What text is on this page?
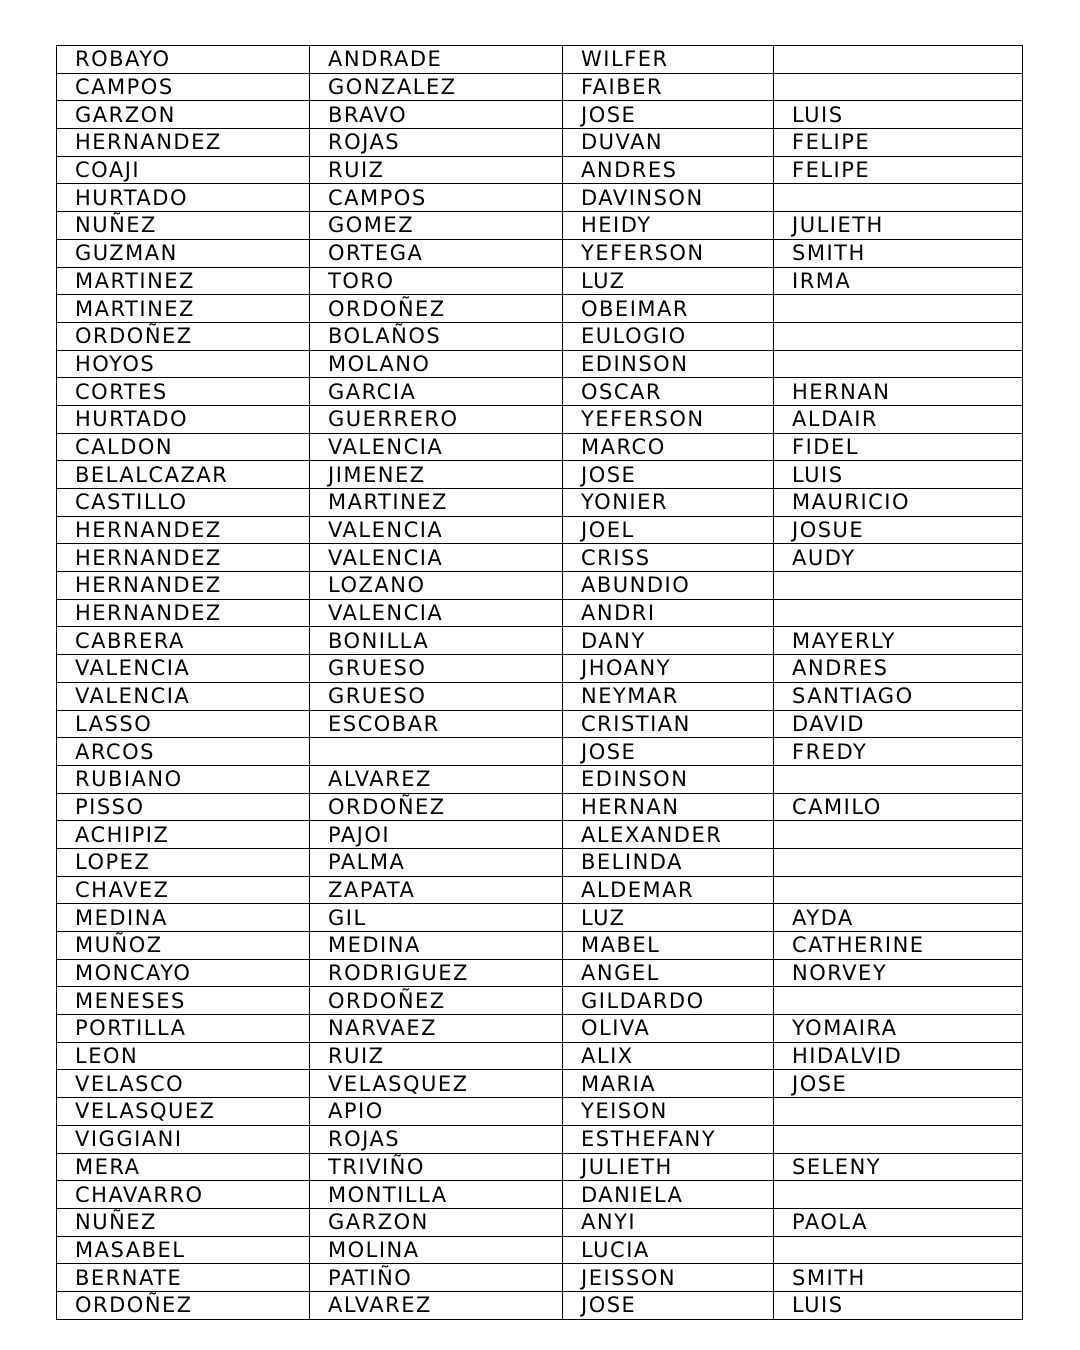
ROBAYO	ANDRADE	WILFER	
CAMPOS	GONZALEZ	FAIBER	
GARZON	BRAVO	JOSE	LUIS
HERNANDEZ	ROJAS	DUVAN	FELIPE
COAJI	RUIZ	ANDRES	FELIPE
HURTADO	CAMPOS	DAVINSON	
NUÑEZ	GOMEZ	HEIDY	JULIETH
GUZMAN	ORTEGA	YEFERSON	SMITH
MARTINEZ	TORO	LUZ	IRMA
MARTINEZ	ORDOÑEZ	OBEIMAR	
ORDOÑEZ	BOLAÑOS	EULOGIO	
HOYOS	MOLANO	EDINSON	
CORTES	GARCIA	OSCAR	HERNAN
HURTADO	GUERRERO	YEFERSON	ALDAIR
CALDON	VALENCIA	MARCO	FIDEL
BELALCAZAR	JIMENEZ	JOSE	LUIS
CASTILLO	MARTINEZ	YONIER	MAURICIO
HERNANDEZ	VALENCIA	JOEL	JOSUE
HERNANDEZ	VALENCIA	CRISS	AUDY
HERNANDEZ	LOZANO	ABUNDIO	
HERNANDEZ	VALENCIA	ANDRI	
CABRERA	BONILLA	DANY	MAYERLY
VALENCIA	GRUESO	JHOANY	ANDRES
VALENCIA	GRUESO	NEYMAR	SANTIAGO
LASSO	ESCOBAR	CRISTIAN	DAVID
ARCOS		JOSE	FREDY
RUBIANO	ALVAREZ	EDINSON	
PISSO	ORDOÑEZ	HERNAN	CAMILO
ACHIPIZ	PAJOI	ALEXANDER	
LOPEZ	PALMA	BELINDA	
CHAVEZ	ZAPATA	ALDEMAR	
MEDINA	GIL	LUZ	AYDA
MUÑOZ	MEDINA	MABEL	CATHERINE
MONCAYO	RODRIGUEZ	ANGEL	NORVEY
MENESES	ORDOÑEZ	GILDARDO	
PORTILLA	NARVAEZ	OLIVA	YOMAIRA
LEON	RUIZ	ALIX	HIDALVID
VELASCO	VELASQUEZ	MARIA	JOSE
VELASQUEZ	APIO	YEISON	
VIGGIANI	ROJAS	ESTHEFANY	
MERA	TRIVIÑO	JULIETH	SELENY
CHAVARRO	MONTILLA	DANIELA	
NUÑEZ	GARZON	ANYI	PAOLA
MASABEL	MOLINA	LUCIA	
BERNATE	PATIÑO	JEISSON	SMITH
ORDOÑEZ	ALVAREZ	JOSE	LUIS
